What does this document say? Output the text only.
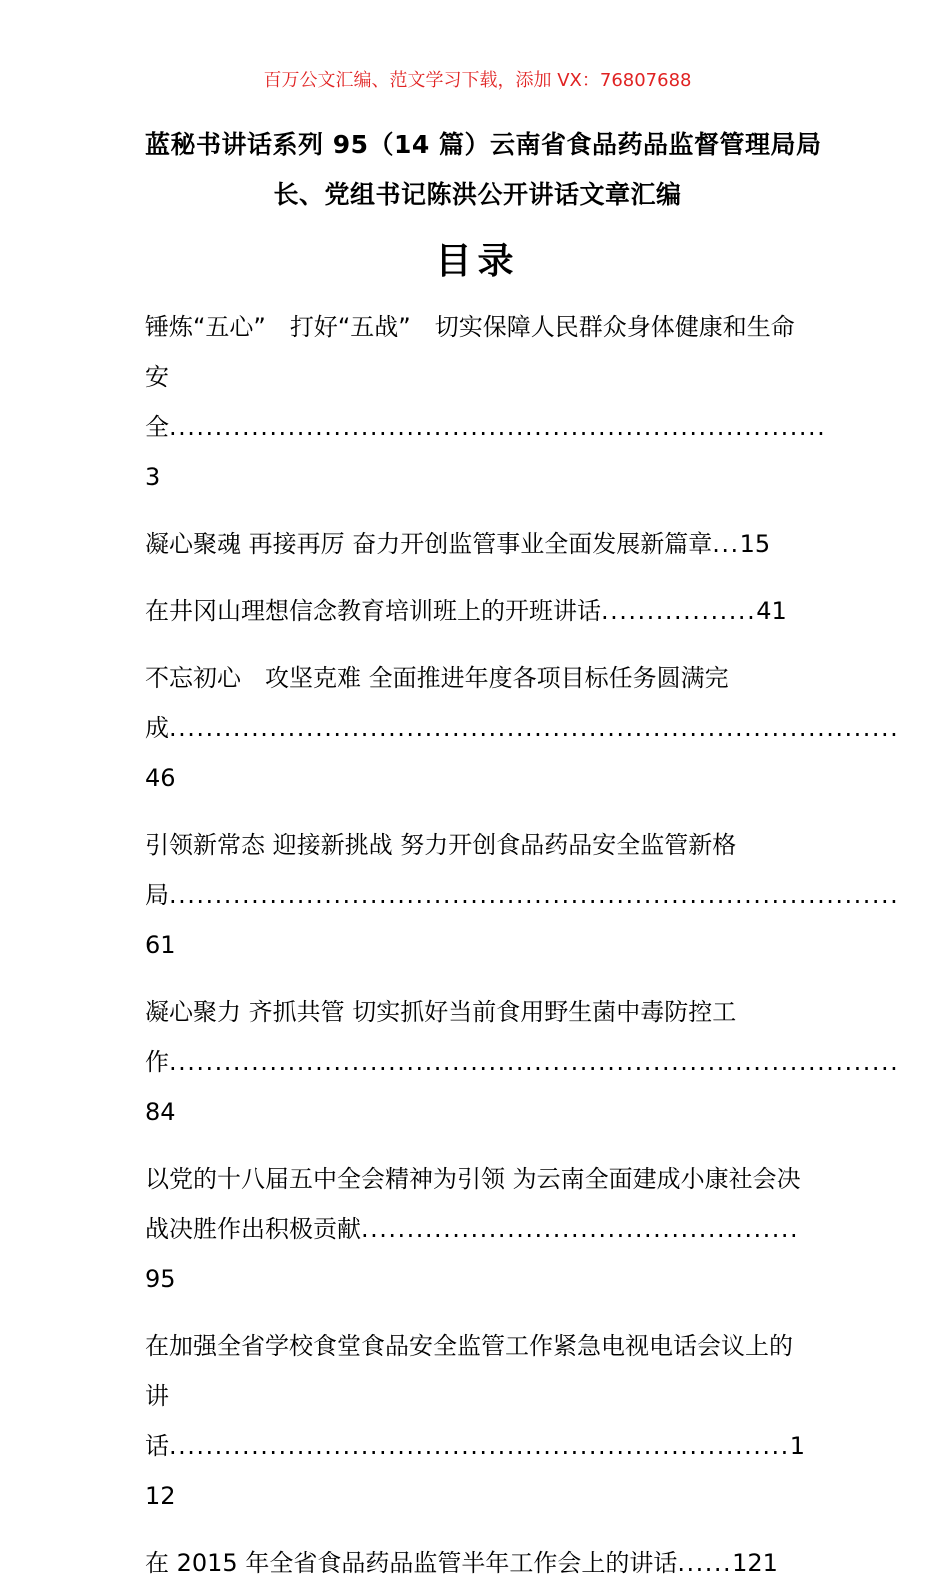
百万公文汇编、范文学习下载，添加 VX：76807688
蓝秘书讲话系列 95（14 篇）云南省食品药品监督管理局局
长、党组书记陈洪公开讲话文章汇编
目录
锤炼“五心”　打好“五战”　切实保障人民群众身体健康和生命安全........................................................................3
凝心聚魂 再接再厉 奋力开创监管事业全面发展新篇章...15
在井冈山理想信念教育培训班上的开班讲话.................41
不忘初心　攻坚克难 全面推进年度各项目标任务圆满完成................................................................................46
引领新常态 迎接新挑战 努力开创食品药品安全监管新格局................................................................................61
凝心聚力 齐抓共管 切实抓好当前食用野生菌中毒防控工作................................................................................84
以党的十八届五中全会精神为引领 为云南全面建成小康社会决战决胜作出积极贡献................................................95
在加强全省学校食堂食品安全监管工作紧急电视电话会议上的讲话....................................................................112
在 2015 年全省食品药品监管半年工作会上的讲话......121
